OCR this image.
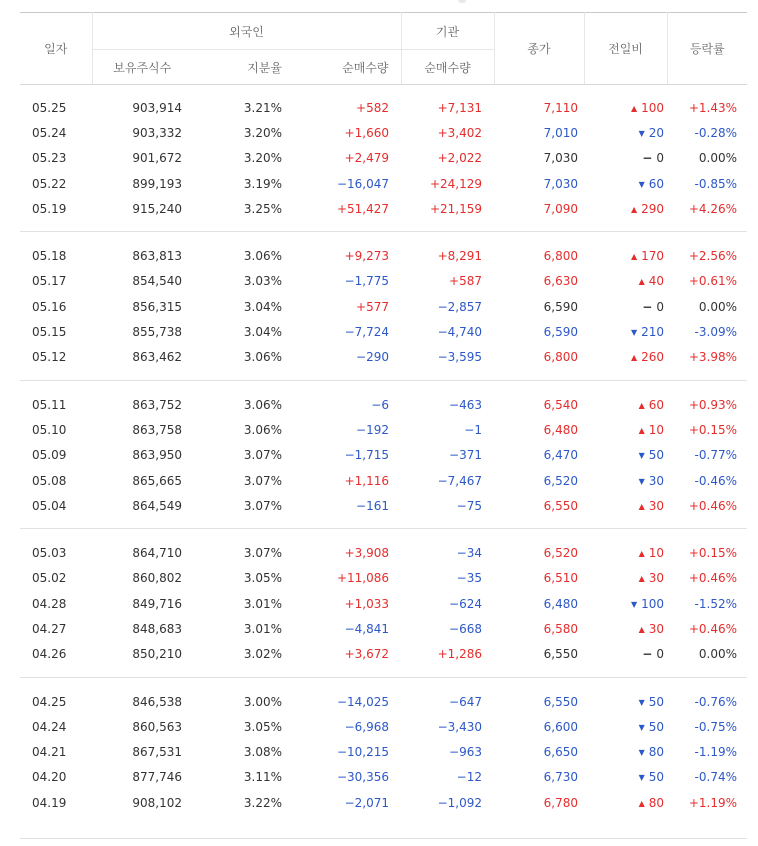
일자	외국인			기관	종가	전일비	등락률
	보유주식수	지분율	순매수량	순매수량			

05.25	903,914	3.21%	+582	+7,131	7,110	▲ 100	+1.43%
05.24	903,332	3.20%	+1,660	+3,402	7,010	▼ 20	-0.28%
05.23	901,672	3.20%	+2,479	+2,022	7,030	− 0	0.00%
05.22	899,193	3.19%	−16,047	+24,129	7,030	▼ 60	-0.85%
05.19	915,240	3.25%	+51,427	+21,159	7,090	▲ 290	+4.26%

05.18	863,813	3.06%	+9,273	+8,291	6,800	▲ 170	+2.56%
05.17	854,540	3.03%	−1,775	+587	6,630	▲ 40	+0.61%
05.16	856,315	3.04%	+577	−2,857	6,590	− 0	0.00%
05.15	855,738	3.04%	−7,724	−4,740	6,590	▼ 210	-3.09%
05.12	863,462	3.06%	−290	−3,595	6,800	▲ 260	+3.98%

05.11	863,752	3.06%	−6	−463	6,540	▲ 60	+0.93%
05.10	863,758	3.06%	−192	−1	6,480	▲ 10	+0.15%
05.09	863,950	3.07%	−1,715	−371	6,470	▼ 50	-0.77%
05.08	865,665	3.07%	+1,116	−7,467	6,520	▼ 30	-0.46%
05.04	864,549	3.07%	−161	−75	6,550	▲ 30	+0.46%

05.03	864,710	3.07%	+3,908	−34	6,520	▲ 10	+0.15%
05.02	860,802	3.05%	+11,086	−35	6,510	▲ 30	+0.46%
04.28	849,716	3.01%	+1,033	−624	6,480	▼ 100	-1.52%
04.27	848,683	3.01%	−4,841	−668	6,580	▲ 30	+0.46%
04.26	850,210	3.02%	+3,672	+1,286	6,550	− 0	0.00%

04.25	846,538	3.00%	−14,025	−647	6,550	▼ 50	-0.76%
04.24	860,563	3.05%	−6,968	−3,430	6,600	▼ 50	-0.75%
04.21	867,531	3.08%	−10,215	−963	6,650	▼ 80	-1.19%
04.20	877,746	3.11%	−30,356	−12	6,730	▼ 50	-0.74%
04.19	908,102	3.22%	−2,071	−1,092	6,780	▲ 80	+1.19%
